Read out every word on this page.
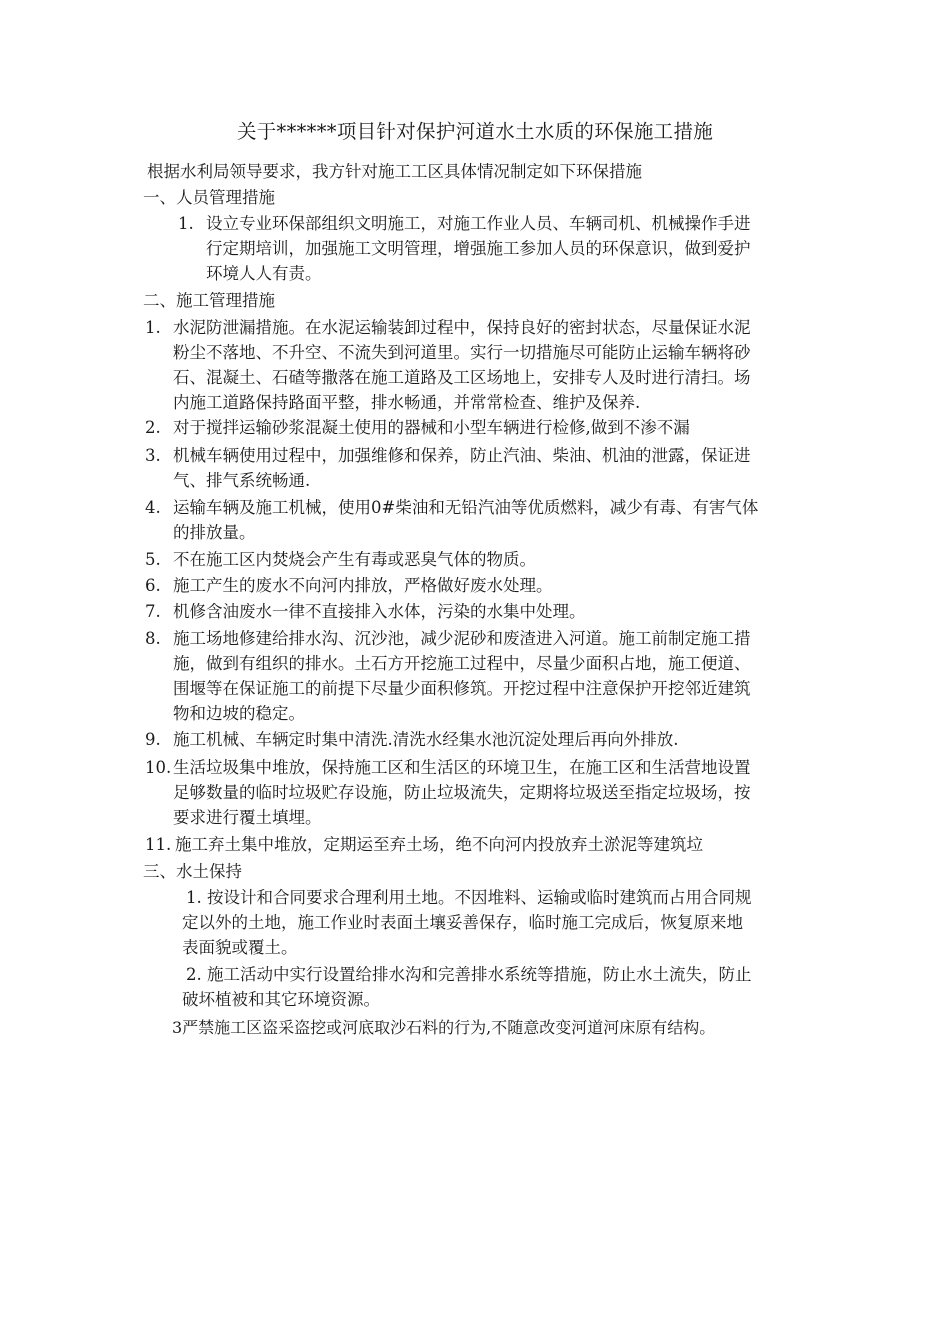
关于******项目针对保护河道水土水质的环保施工措施
根据水利局领导要求，我方针对施工工区具体情况制定如下环保措施
一、人员管理措施
1. 设立专业环保部组织文明施工，对施工作业人员、车辆司机、机械操作手进
行定期培训，加强施工文明管理，增强施工参加人员的环保意识，做到爱护
环境人人有责。
二、施工管理措施
1. 水泥防泄漏措施。在水泥运输装卸过程中，保持良好的密封状态，尽量保证水泥
粉尘不落地、不升空、不流失到河道里。实行一切措施尽可能防止运输车辆将砂
石、混凝土、石碴等撒落在施工道路及工区场地上，安排专人及时进行清扫。场
内施工道路保持路面平整，排水畅通，并常常检查、维护及保养.
2. 对于搅拌运输砂浆混凝土使用的器械和小型车辆进行检修,做到不渗不漏
3. 机械车辆使用过程中，加强维修和保养，防止汽油、柴油、机油的泄露，保证进
气、排气系统畅通.
4. 运输车辆及施工机械，使用0#柴油和无铅汽油等优质燃料，减少有毒、有害气体
的排放量。
5. 不在施工区内焚烧会产生有毒或恶臭气体的物质。
6. 施工产生的废水不向河内排放，严格做好废水处理。
7. 机修含油废水一律不直接排入水体，污染的水集中处理。
8. 施工场地修建给排水沟、沉沙池，减少泥砂和废渣进入河道。施工前制定施工措
施，做到有组织的排水。土石方开挖施工过程中，尽量少面积占地，施工便道、
围堰等在保证施工的前提下尽量少面积修筑。开挖过程中注意保护开挖邻近建筑
物和边坡的稳定。
9. 施工机械、车辆定时集中清洗.清洗水经集水池沉淀处理后再向外排放.
10. 生活垃圾集中堆放，保持施工区和生活区的环境卫生，在施工区和生活营地设置
足够数量的临时垃圾贮存设施，防止垃圾流失，定期将垃圾送至指定垃圾场，按
要求进行覆土填埋。
11. 施工弃土集中堆放，定期运至弃土场，绝不向河内投放弃土淤泥等建筑垃
三、水土保持
1. 按设计和合同要求合理利用土地。不因堆料、运输或临时建筑而占用合同规
定以外的土地，施工作业时表面土壤妥善保存，临时施工完成后，恢复原来地
表面貌或覆土。
2. 施工活动中实行设置给排水沟和完善排水系统等措施，防止水土流失，防止
破坏植被和其它环境资源。
3严禁施工区盗采盗挖或河底取沙石料的行为,不随意改变河道河床原有结构。
